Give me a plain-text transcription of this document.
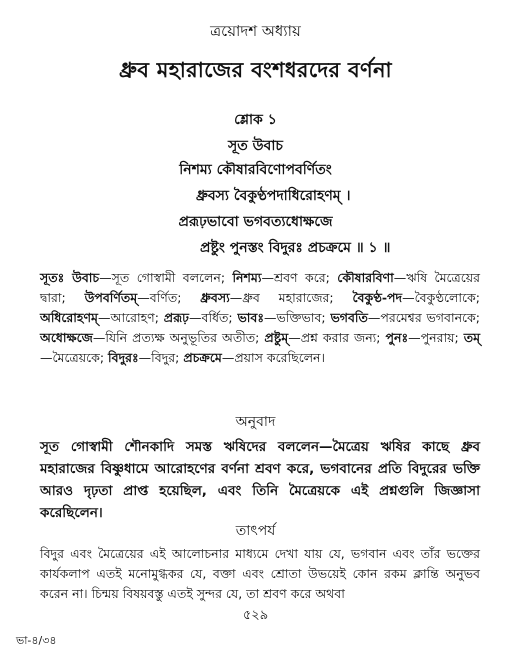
ত্রয়োদশ অধ্যায়
ধ্রুব মহারাজের বংশধরদের বর্ণনা
শ্লোক ১
সূত উবাচ
নিশম্য কৌষারবিণোপবর্ণিতং
ধ্রুবস্য বৈকুণ্ঠপদাধিরোহণম্ ।
প্ররূঢ়ভাবো ভগবত্যধোক্ষজে
প্রষ্টুং পুনস্তং বিদুরঃ প্রচক্রমে ॥ ১ ॥
সূতঃ উবাচ—সূত গোস্বামী বললেন; নিশম্য—শ্রবণ করে; কৌষারবিণা—ঋষি মৈত্রেয়ের দ্বারা; উপবর্ণিতম্—বর্ণিত; ধ্রুবস্য—ধ্রুব মহারাজের; বৈকুণ্ঠ-পদ—বৈকুণ্ঠলোকে; অধিরোহণম্—আরোহণ; প্ররূঢ়—বর্ধিত; ভাবঃ—ভক্তিভাব; ভগবতি—পরমেশ্বর ভগবানকে; অধোক্ষজে—যিনি প্রত্যক্ষ অনুভূতির অতীত; প্রষ্টুম্—প্রশ্ন করার জন্য; পুনঃ—পুনরায়; তম্—মৈত্রেয়কে; বিদুরঃ—বিদুর; প্রচক্রমে—প্রয়াস করেছিলেন।
অনুবাদ
সূত গোস্বামী শৌনকাদি সমস্ত ঋষিদের বললেন—মৈত্রেয় ঋষির কাছে ধ্রুব মহারাজের বিষ্ণুধামে আরোহণের বর্ণনা শ্রবণ করে, ভগবানের প্রতি বিদুরের ভক্তি আরও দৃঢ়তা প্রাপ্ত হয়েছিল, এবং তিনি মৈত্রেয়কে এই প্রশ্নগুলি জিজ্ঞাসা করেছিলেন।
তাৎপর্য
বিদুর এবং মৈত্রেয়ের এই আলোচনার মাধ্যমে দেখা যায় যে, ভগবান এবং তাঁর ভক্তের কার্যকলাপ এতই মনোমুগ্ধকর যে, বক্তা এবং শ্রোতা উভয়েই কোন রকম ক্লান্তি অনুভব করেন না। চিন্ময় বিষয়বস্তু এতই সুন্দর যে, তা শ্রবণ করে অথবা
৫২৯
ভা-৪/৩৪
